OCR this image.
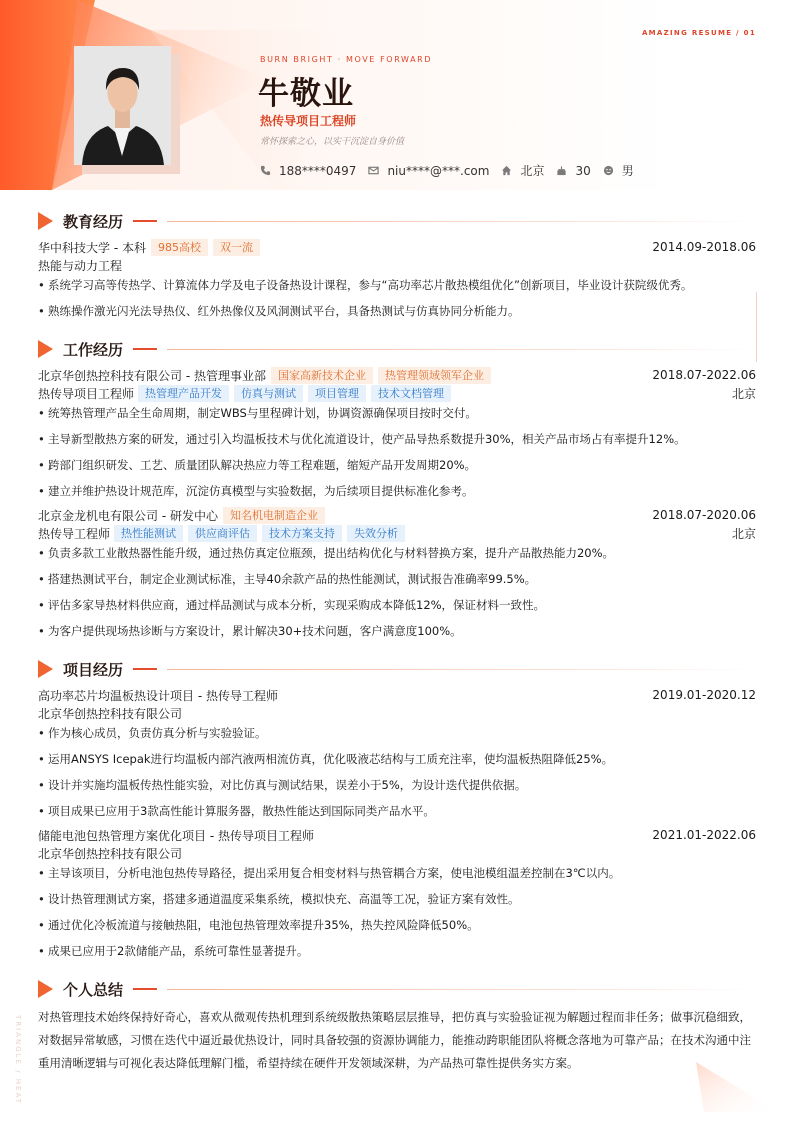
AMAZING RESUME / 01
BURN BRIGHT · MOVE FORWARD
牛敬业
热传导项目工程师
常怀探索之心，以实干沉淀自身价值
188****0497	niu****@***.com	北京	30	男
教育经历
华中科技大学 - 本科	985高校	双一流	2014.09-2018.06
热能与动力工程
• 系统学习高等传热学、计算流体力学及电子设备热设计课程，参与“高功率芯片散热模组优化”创新项目，毕业设计获院级优秀。
• 熟练操作激光闪光法导热仪、红外热像仪及风洞测试平台，具备热测试与仿真协同分析能力。
工作经历
北京华创热控科技有限公司 - 热管理事业部	国家高新技术企业	热管理领域领军企业	2018.07-2022.06
热传导项目工程师	热管理产品开发	仿真与测试	项目管理	技术文档管理	北京
• 统筹热管理产品全生命周期，制定WBS与里程碑计划，协调资源确保项目按时交付。
• 主导新型散热方案的研发，通过引入均温板技术与优化流道设计，使产品导热系数提升30%，相关产品市场占有率提升12%。
• 跨部门组织研发、工艺、质量团队解决热应力等工程难题，缩短产品开发周期20%。
• 建立并维护热设计规范库，沉淀仿真模型与实验数据，为后续项目提供标准化参考。
北京金龙机电有限公司 - 研发中心	知名机电制造企业	2018.07-2020.06
热传导工程师	热性能测试	供应商评估	技术方案支持	失效分析	北京
• 负责多款工业散热器性能升级，通过热仿真定位瓶颈，提出结构优化与材料替换方案，提升产品散热能力20%。
• 搭建热测试平台，制定企业测试标准，主导40余款产品的热性能测试，测试报告准确率99.5%。
• 评估多家导热材料供应商，通过样品测试与成本分析，实现采购成本降低12%，保证材料一致性。
• 为客户提供现场热诊断与方案设计，累计解决30+技术问题，客户满意度100%。
项目经历
高功率芯片均温板热设计项目 - 热传导工程师	2019.01-2020.12
北京华创热控科技有限公司
• 作为核心成员，负责仿真分析与实验验证。
• 运用ANSYS Icepak进行均温板内部汽液两相流仿真，优化吸液芯结构与工质充注率，使均温板热阻降低25%。
• 设计并实施均温板传热性能实验，对比仿真与测试结果，误差小于5%，为设计迭代提供依据。
• 项目成果已应用于3款高性能计算服务器，散热性能达到国际同类产品水平。
储能电池包热管理方案优化项目 - 热传导项目工程师	2021.01-2022.06
北京华创热控科技有限公司
• 主导该项目，分析电池包热传导路径，提出采用复合相变材料与热管耦合方案，使电池模组温差控制在3℃以内。
• 设计热管理测试方案，搭建多通道温度采集系统，模拟快充、高温等工况，验证方案有效性。
• 通过优化冷板流道与接触热阻，电池包热管理效率提升35%，热失控风险降低50%。
• 成果已应用于2款储能产品，系统可靠性显著提升。
个人总结
对热管理技术始终保持好奇心，喜欢从微观传热机理到系统级散热策略层层推导，把仿真与实验验证视为解题过程而非任务；做事沉稳细致，对数据异常敏感，习惯在迭代中逼近最优热设计，同时具备较强的资源协调能力，能推动跨职能团队将概念落地为可靠产品；在技术沟通中注重用清晰逻辑与可视化表达降低理解门槛，希望持续在硬件开发领域深耕，为产品热可靠性提供务实方案。
TRIANGLE / HEAT
